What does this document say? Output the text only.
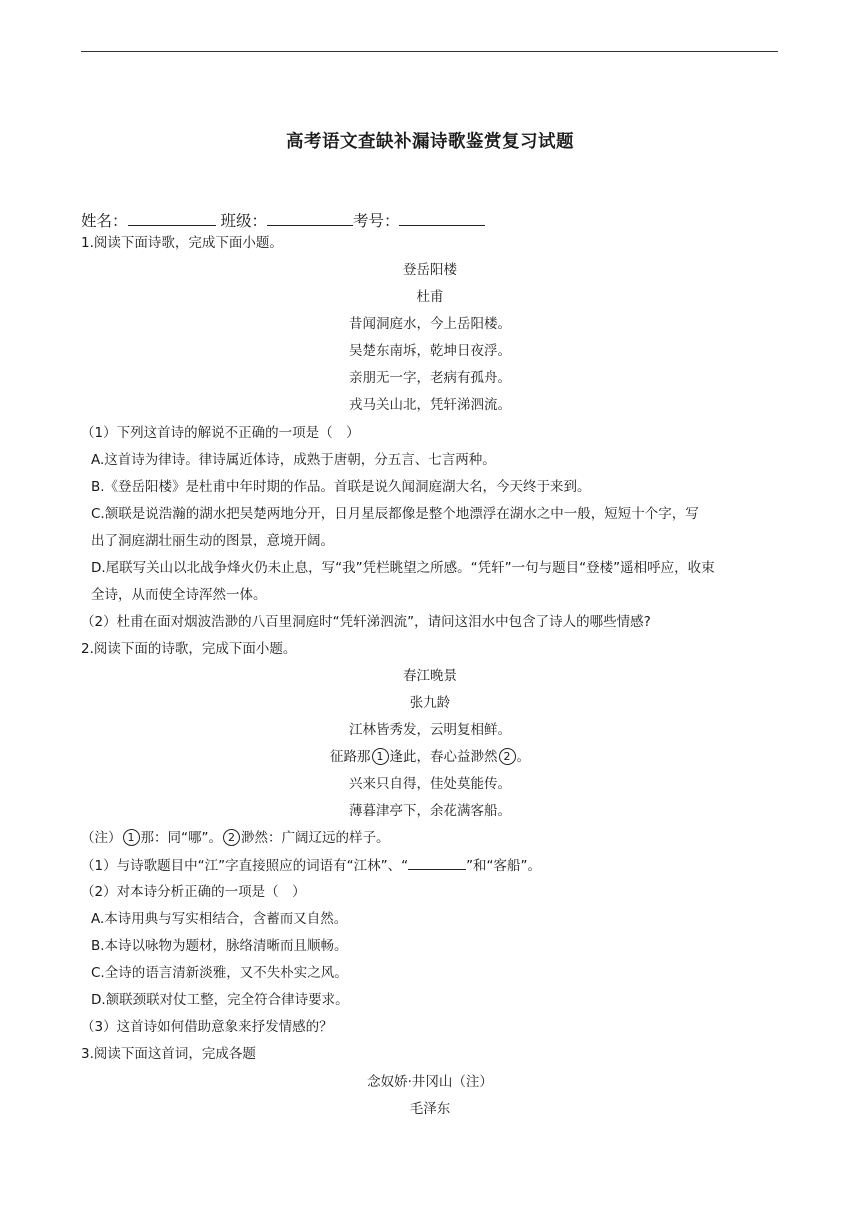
高考语文查缺补漏诗歌鉴赏复习试题
姓名：	班级：	考号：
1.阅读下面诗歌，完成下面小题。
登岳阳楼
杜甫
昔闻洞庭水，今上岳阳楼。
吴楚东南坼，乾坤日夜浮。
亲朋无一字，老病有孤舟。
戎马关山北，凭轩涕泗流。
（1）下列这首诗的解说不正确的一项是（　）
A.这首诗为律诗。律诗属近体诗，成熟于唐朝，分五言、七言两种。
B.《登岳阳楼》是杜甫中年时期的作品。首联是说久闻洞庭湖大名，今天终于来到。
C.颔联是说浩瀚的湖水把吴楚两地分开，日月星辰都像是整个地漂浮在湖水之中一般，短短十个字，写
出了洞庭湖壮丽生动的图景，意境开阔。
D.尾联写关山以北战争烽火仍未止息，写“我”凭栏眺望之所感。“凭轩”一句与题目“登楼”遥相呼应，收束
全诗，从而使全诗浑然一体。
（2）杜甫在面对烟波浩渺的八百里洞庭时“凭轩涕泗流”，请问这泪水中包含了诗人的哪些情感?
2.阅读下面的诗歌，完成下面小题。
春江晚景
张九龄
江林皆秀发，云明复相鲜。
征路那 1 逢此，春心益渺然 2 。
兴来只自得，佳处莫能传。
薄暮津亭下，余花满客船。
（注） 1 那：同“哪”。 2 渺然：广阔辽远的样子。
（1）与诗歌题目中“江”字直接照应的词语有“江林”、“	”和“客船”。
（2）对本诗分析正确的一项是（　）
A.本诗用典与写实相结合，含蓄而又自然。
B.本诗以咏物为题材，脉络清晰而且顺畅。
C.全诗的语言清新淡雅，又不失朴实之风。
D.颔联颈联对仗工整，完全符合律诗要求。
（3）这首诗如何借助意象来抒发情感的？
3.阅读下面这首词，完成各题
念奴娇·井冈山（注）
毛泽东
